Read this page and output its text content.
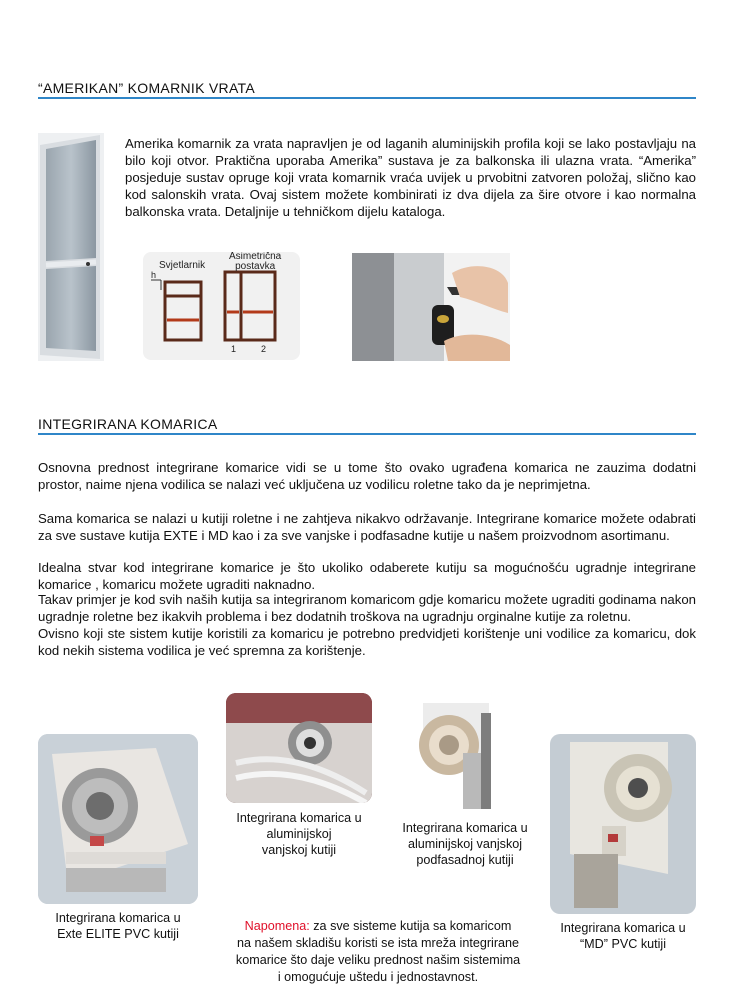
“AMERIKAN” KOMARNIK VRATA
Amerika komarnik za vrata napravljen je od laganih aluminijskih profila koji se lako postavljaju na bilo koji otvor. Praktična uporaba Amerika” sustava je za balkonska ili ulazna vrata. “Amerika” posjeduje sustav opruge koji vrata komarnik vraća uvijek u prvobitni zatvoren položaj, slično kao kod salonskih vrata. Ovaj sistem možete kombinirati iz dva dijela za šire otvore i kao normalna balkonska vrata. Detaljnije u tehničkom dijelu kataloga.
Svjetlarnik
Asimetrična
postavka
h
1	2
INTEGRIRANA KOMARICA
Osnovna prednost integrirane komarice vidi se u tome što ovako ugrađena komarica ne zauzima dodatni prostor, naime njena vodilica se nalazi već uključena uz vodilicu roletne tako da je neprimjetna.
Sama komarica se nalazi u kutiji roletne i ne zahtjeva nikakvo održavanje. Integrirane komarice možete odabrati za sve sustave kutija EXTE i MD kao i za sve vanjske i podfasadne kutije u našem proizvodnom asortimanu.
Idealna stvar kod integrirane komarice je što ukoliko odaberete kutiju sa mogućnošću ugradnje integrirane komarice , komaricu možete ugraditi naknadno.
Takav primjer je kod svih naših kutija sa integriranom komaricom gdje komaricu možete ugraditi godinama nakon ugradnje roletne bez ikakvih problema i bez dodatnih troškova na ugradnju orginalne kutije za roletnu.
Ovisno koji ste sistem kutije koristili za komaricu je potrebno predvidjeti korištenje uni vodilice za komaricu, dok kod nekih sistema vodilica je već spremna za korištenje.
Integrirana komarica u
Exte ELITE PVC kutiji
Integrirana komarica u
aluminijskoj
vanjskoj kutiji
Integrirana komarica u
aluminijskoj vanjskoj
podfasadnoj kutiji
Integrirana komarica u
“MD” PVC kutiji
Napomena: za sve sisteme kutija sa komaricom
na našem skladišu koristi se ista mreža integrirane
komarice što daje veliku prednost našim sistemima
i omogućuje uštedu i jednostavnost.
